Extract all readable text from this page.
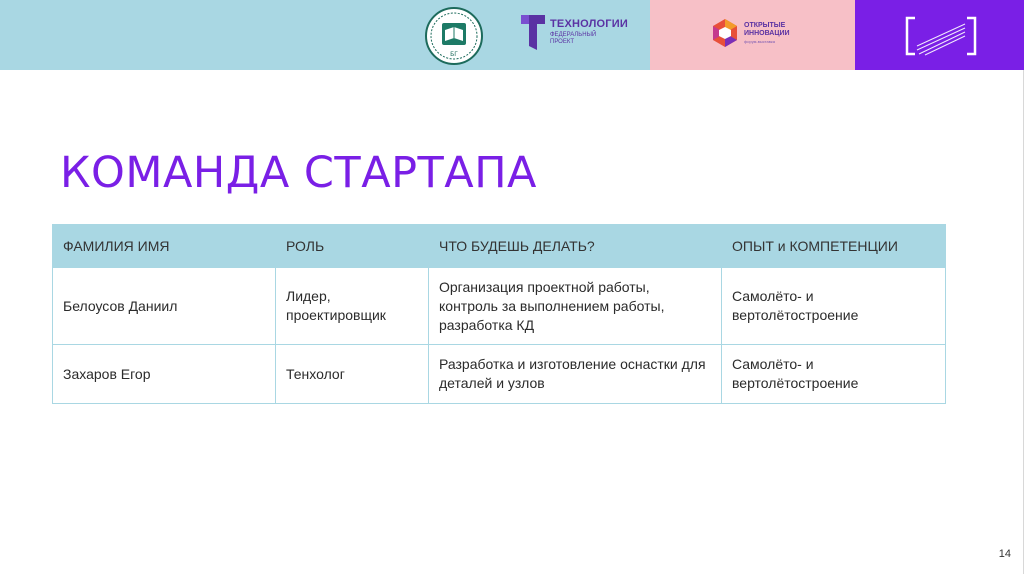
БГ
ТЕХНОЛОГИИ
ФЕДЕРАЛЬНЫЙ ПРОЕКТ
ОТКРЫТЫЕ
ИННОВАЦИИ
форум-выставка
КОМАНДА СТАРТАПА
ФАМИЛИЯ ИМЯ	РОЛЬ	ЧТО БУДЕШЬ ДЕЛАТЬ?	ОПЫТ и КОМПЕТЕНЦИИ
Белоусов Даниил	Лидер, проектировщик	Организация проектной работы, контроль за выполнением работы, разработка КД	Самолёто- и вертолётостроение
Захаров Егор	Тенхолог	Разработка и изготовление оснастки для деталей и узлов	Самолёто- и вертолётостроение
14
